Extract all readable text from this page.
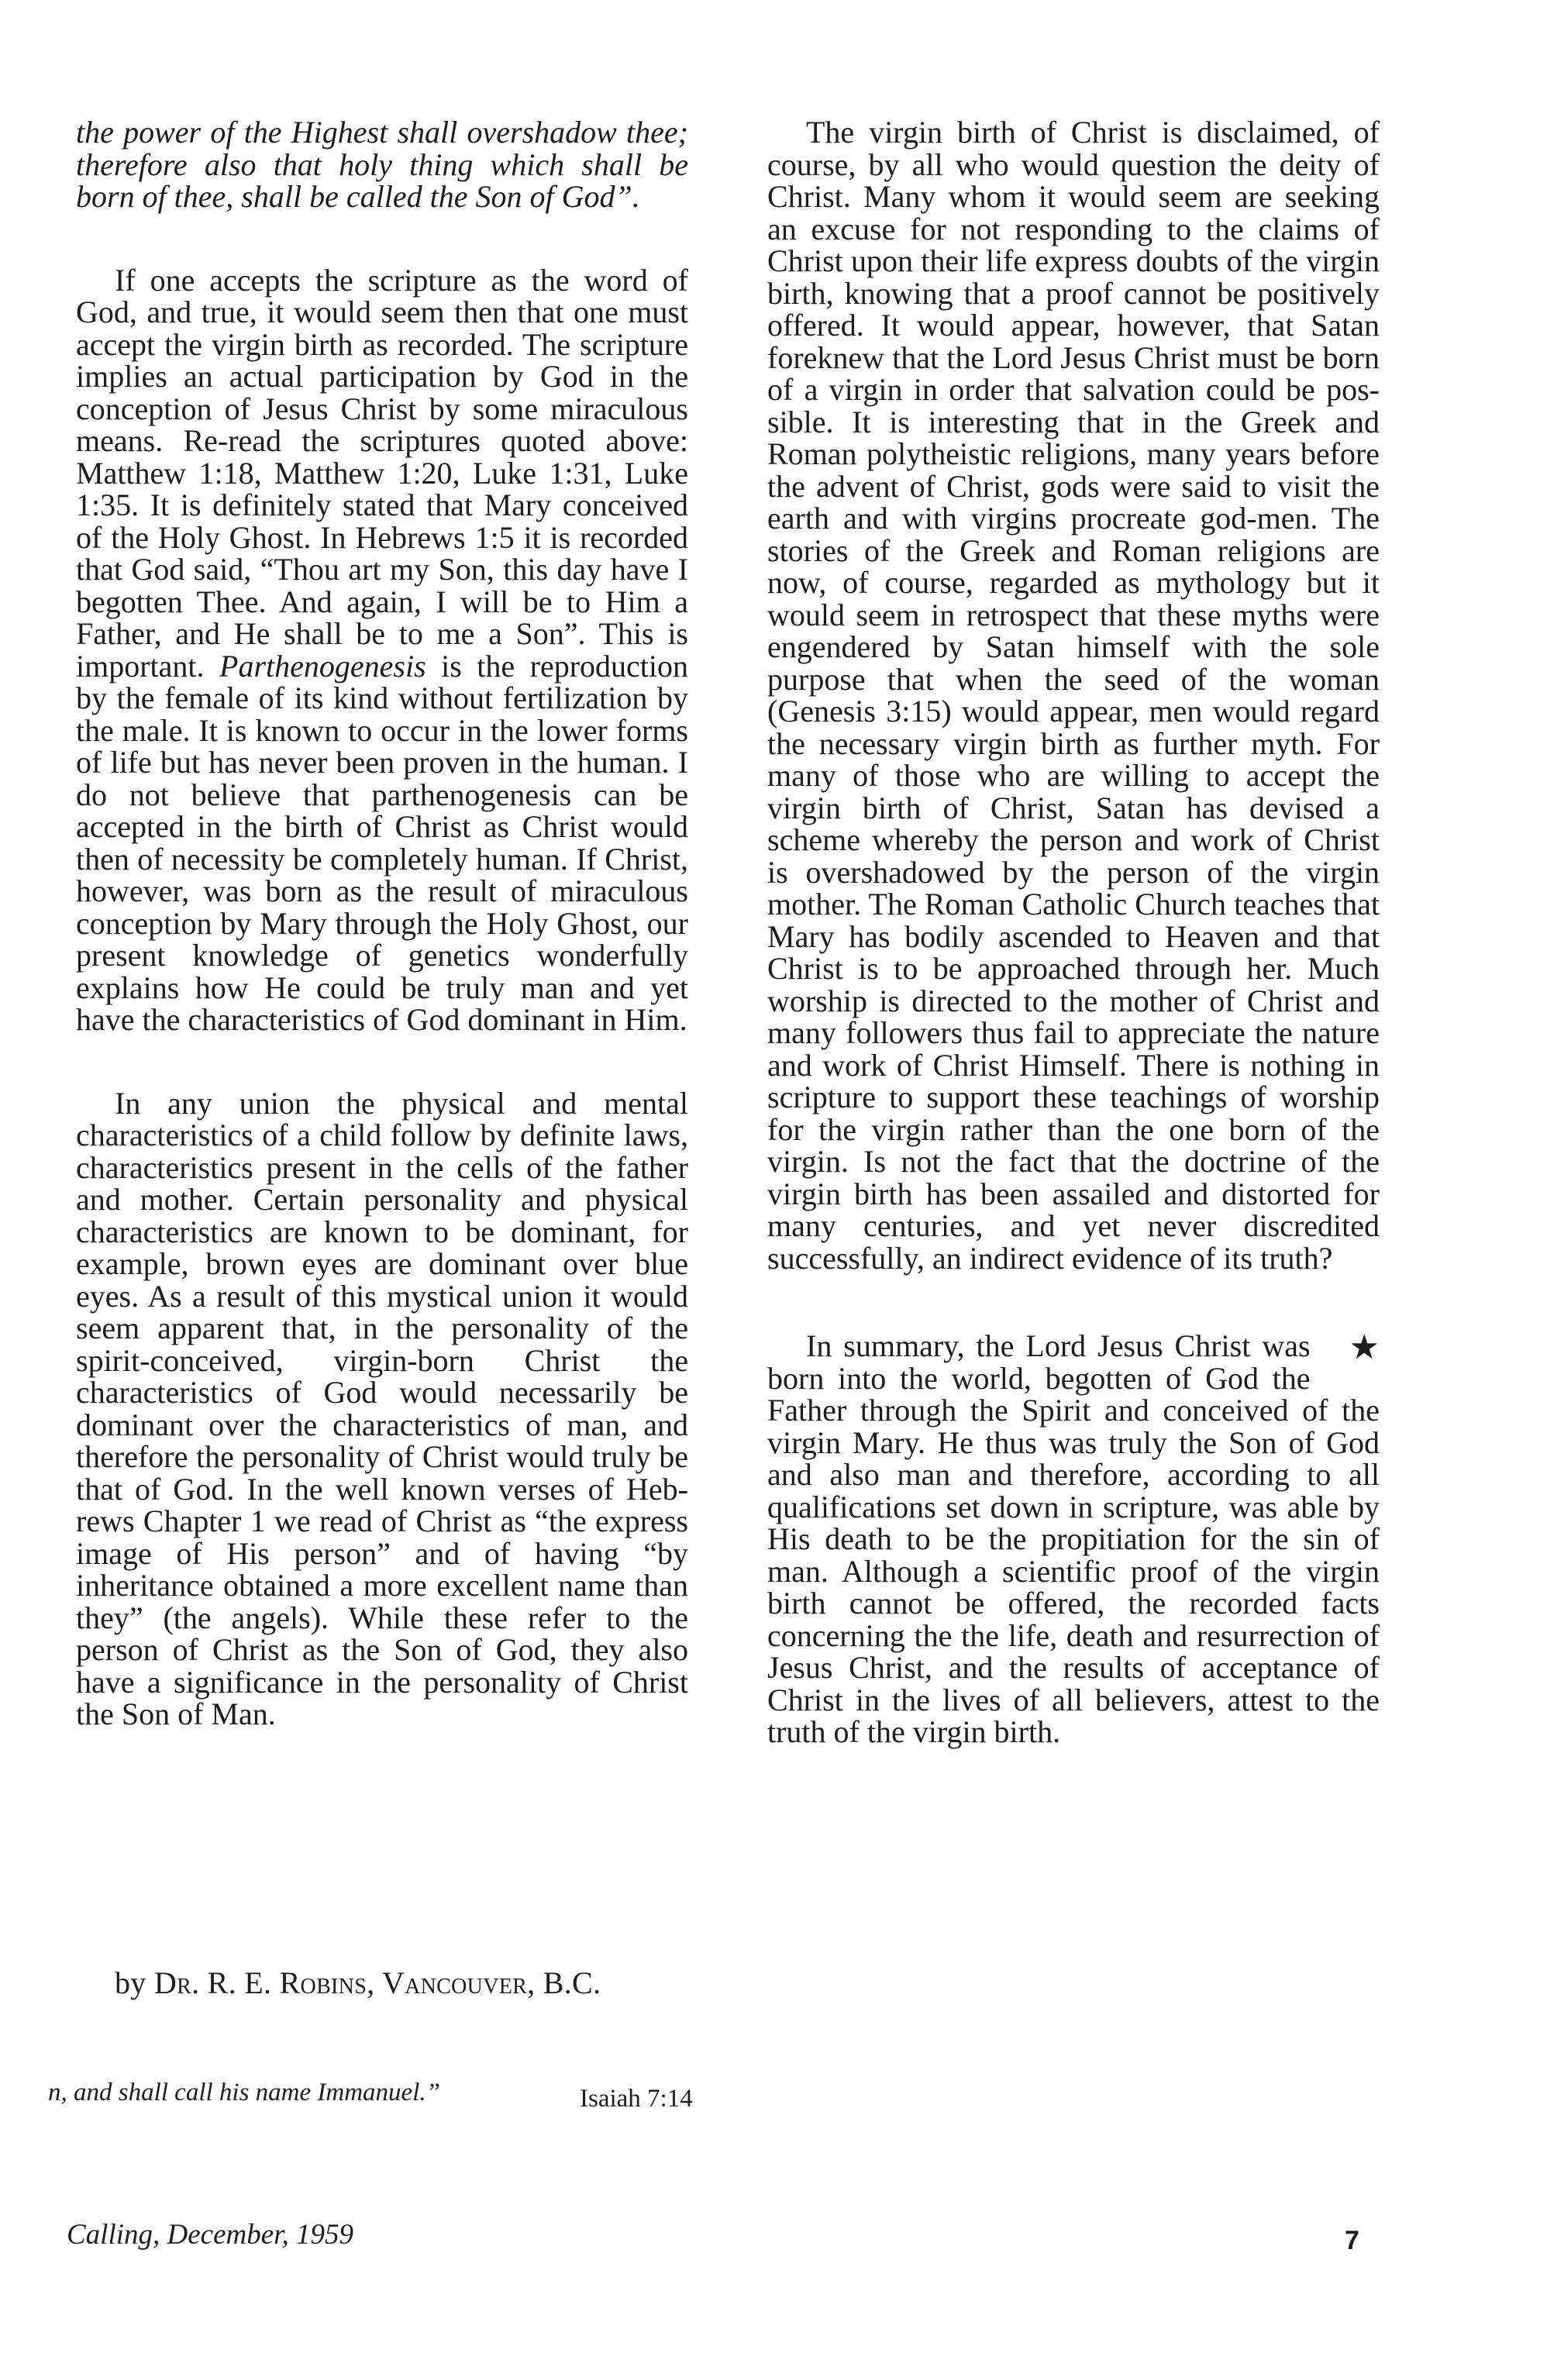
the power of the Highest shall overshadow thee; therefore also that holy thing which shall be born of thee, shall be called the Son of God”.

If one accepts the scripture as the word of God, and true, it would seem then that one must accept the virgin birth as recorded. The scripture implies an actual participation by God in the conception of Jesus Christ by some miraculous means. Re-read the scriptures quoted above: Matthew 1:18, Matthew 1:20, Luke 1:31, Luke 1:35. It is definitely stated that Mary conceived of the Holy Ghost. In Hebrews 1:5 it is recorded that God said, “Thou art my Son, this day have I begotten Thee. And again, I will be to Him a Father, and He shall be to me a Son”. This is important. Parthenogenesis is the reproduction by the female of its kind without fertilization by the male. It is known to occur in the lower forms of life but has never been proven in the human. I do not believe that parthenogenesis can be accepted in the birth of Christ as Christ would then of necessity be completely human. If Christ, however, was born as the result of miraculous conception by Mary through the Holy Ghost, our present knowledge of genetics wonderfully explains how He could be truly man and yet have the characteristics of God dominant in Him.

In any union the physical and mental characteristics of a child follow by definite laws, characteristics present in the cells of the father and mother. Certain personality and physical characteristics are known to be dominant, for example, brown eyes are dominant over blue eyes. As a result of this mystical union it would seem apparent that, in the personality of the spirit-conceived, virgin-born Christ the characteristics of God would necessarily be dominant over the characteristics of man, and therefore the personality of Christ would truly be that of God. In the well known verses of Hebrews Chapter 1 we read of Christ as “the express image of His person” and of having “by inheritance obtained a more excellent name than they” (the angels). While these refer to the person of Christ as the Son of God, they also have a significance in the personality of Christ the Son of Man.

The virgin birth of Christ is disclaimed, of course, by all who would question the deity of Christ. Many whom it would seem are seeking an excuse for not responding to the claims of Christ upon their life express doubts of the virgin birth, knowing that a proof cannot be positively offered. It would appear, however, that Satan foreknew that the Lord Jesus Christ must be born of a virgin in order that salvation could be possible. It is interesting that in the Greek and Roman polytheistic religions, many years before the advent of Christ, gods were said to visit the earth and with virgins procreate god-men. The stories of the Greek and Roman religions are now, of course, regarded as mythology but it would seem in retrospect that these myths were engendered by Satan himself with the sole purpose that when the seed of the woman (Genesis 3:15) would appear, men would regard the necessary virgin birth as further myth. For many of those who are willing to accept the virgin birth of Christ, Satan has devised a scheme whereby the person and work of Christ is overshadowed by the person of the virgin mother. The Roman Catholic Church teaches that Mary has bodily ascended to Heaven and that Christ is to be approached through her. Much worship is directed to the mother of Christ and many followers thus fail to appreciate the nature and work of Christ Himself. There is nothing in scripture to support these teachings of worship for the virgin rather than the one born of the virgin. Is not the fact that the doctrine of the virgin birth has been assailed and distorted for many centuries, and yet never discredited successfully, an indirect evidence of its truth?

★
In summary, the Lord Jesus Christ was born into the world, begotten of God the Father through the Spirit and conceived of the virgin Mary. He thus was truly the Son of God and also man and therefore, according to all qualifications set down in scripture, was able by His death to be the propitiation for the sin of man. Although a scientific proof of the virgin birth cannot be offered, the recorded facts concerning the the life, death and resurrection of Jesus Christ, and the results of acceptance of Christ in the lives of all believers, attest to the truth of the virgin birth.

by Dr. R. E. Robins, Vancouver, B.C.
n, and shall call his name Immanuel.”	Isaiah 7:14
Calling, December, 1959	7
